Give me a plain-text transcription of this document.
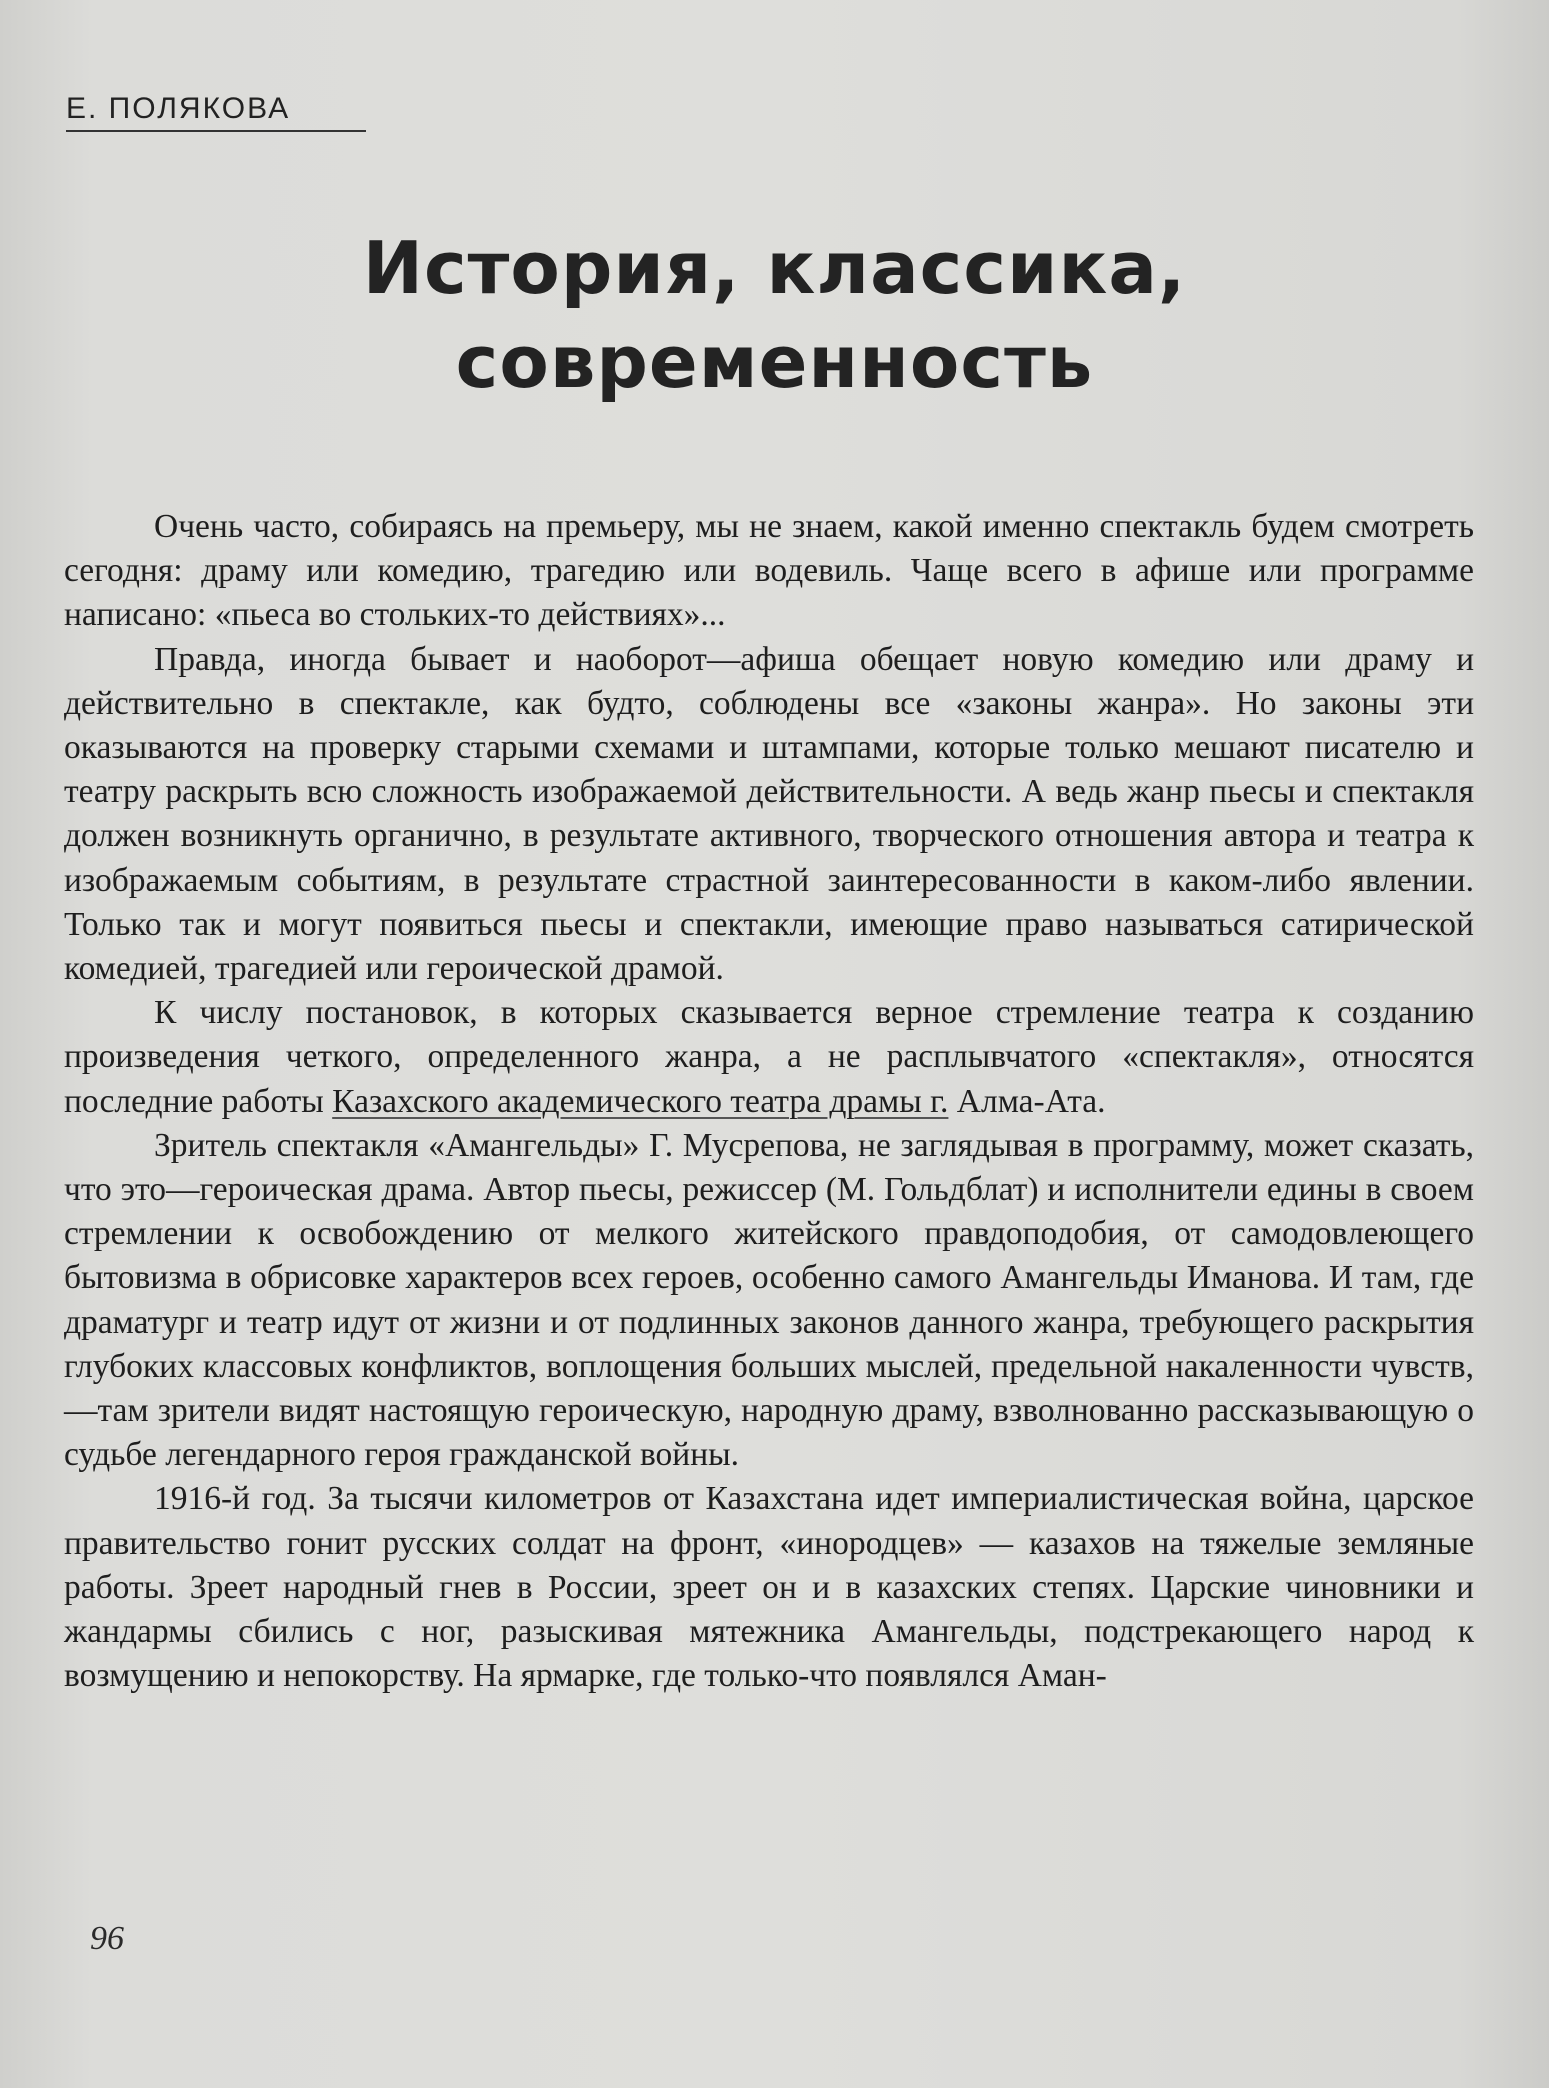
Е. ПОЛЯКОВА
История, классика,
современность

Очень часто, собираясь на премьеру, мы не знаем, какой именно спектакль будем смотреть сегодня: драму или комедию, трагедию или водевиль. Чаще всего в афише или программе написано: «пьеса во стольких-то действиях»...

Правда, иногда бывает и наоборот—афиша обещает новую комедию или драму и действительно в спектакле, как будто, соблюдены все «законы жанра». Но законы эти оказываются на проверку старыми схемами и штампами, которые только мешают писателю и театру раскрыть всю сложность изображаемой действительности. А ведь жанр пьесы и спектакля должен возникнуть органично, в результате активного, творческого отношения автора и театра к изображаемым событиям, в результате страстной заинтересованности в каком-либо явлении. Только так и могут появиться пьесы и спектакли, имеющие право называться сатирической комедией, трагедией или героической драмой.

К числу постановок, в которых сказывается верное стремление театра к созданию произведения четкого, определенного жанра, а не расплывчатого «спектакля», относятся последние работы Казахского академического театра драмы г. Алма-Ата.

Зритель спектакля «Амангельды» Г. Мусрепова, не заглядывая в программу, может сказать, что это—героическая драма. Автор пьесы, режиссер (М. Гольдблат) и исполнители едины в своем стремлении к освобождению от мелкого житейского правдоподобия, от самодовлеющего бытовизма в обрисовке характеров всех героев, особенно самого Амангельды Иманова. И там, где драматург и театр идут от жизни и от подлинных законов данного жанра, требующего раскрытия глубоких классовых конфликтов, воплощения больших мыслей, предельной накаленности чувств,—там зрители видят настоящую героическую, народную драму, взволнованно рассказывающую о судьбе легендарного героя гражданской войны.

1916-й год. За тысячи километров от Казахстана идет империалистическая война, царское правительство гонит русских солдат на фронт, «инородцев» — казахов на тяжелые земляные работы. Зреет народный гнев в России, зреет он и в казахских степях. Царские чиновники и жандармы сбились с ног, разыскивая мятежника Амангельды, подстрекающего народ к возмущению и непокорству. На ярмарке, где только-что появлялся Аман-

96
